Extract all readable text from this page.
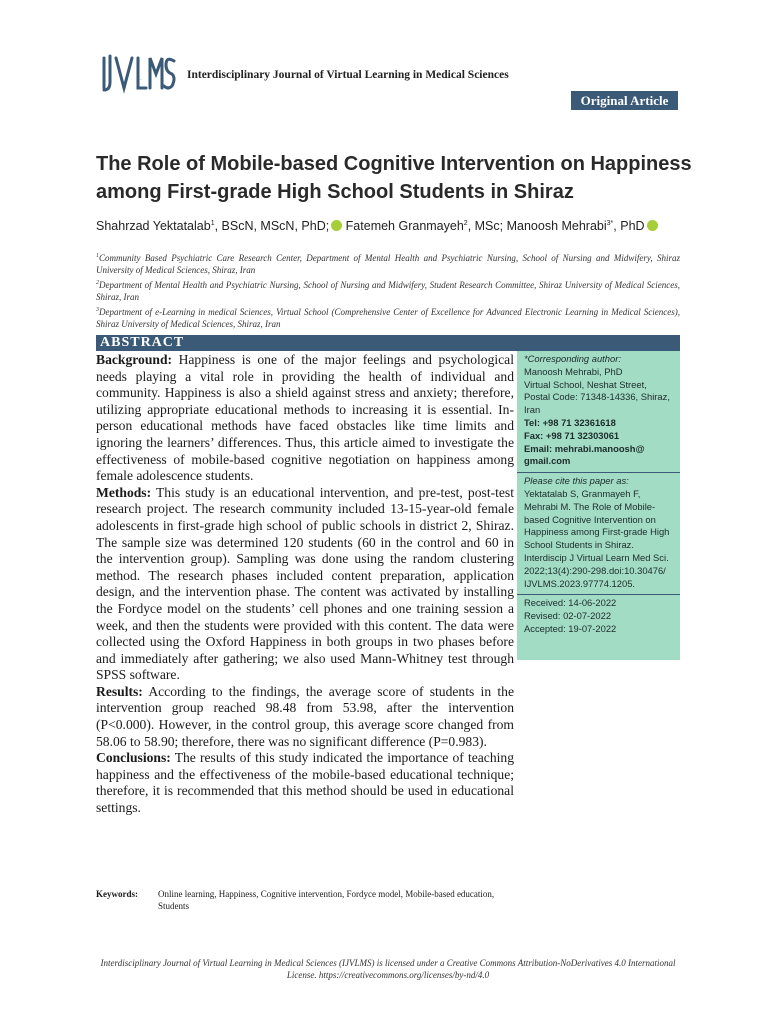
IJVLMS	Interdisciplinary Journal of Virtual Learning in Medical Sciences
Original Article
The Role of Mobile-based Cognitive Intervention on Happiness among First-grade High School Students in Shiraz
Shahrzad Yektatalab$^1$, BScN, MScN, PhD; Fatemeh Granmayeh$^2$, MSc; Manoosh Mehrabi$^{3*}$, PhD
$^1$Community Based Psychiatric Care Research Center, Department of Mental Health and Psychiatric Nursing, School of Nursing and Midwifery, Shiraz University of Medical Sciences, Shiraz, Iran
$^2$Department of Mental Health and Psychiatric Nursing, School of Nursing and Midwifery, Student Research Committee, Shiraz University of Medical Sciences, Shiraz, Iran
$^3$Department of e-Learning in medical Sciences, Virtual School (Comprehensive Center of Excellence for Advanced Electronic Learning in Medical Sciences), Shiraz University of Medical Sciences, Shiraz, Iran
ABSTRACT

Background: Happiness is one of the major feelings and psychological needs playing a vital role in providing the health of individual and community. Happiness is also a shield against stress and anxiety; therefore, utilizing appropriate educational methods to increasing it is essential. In-person educational methods have faced obstacles like time limits and ignoring the learners’ differences. Thus, this article aimed to investigate the effectiveness of mobile-based cognitive negotiation on happiness among female adolescence students.

Methods: This study is an educational intervention, and pre-test, post-test research project. The research community included 13-15-year-old female adolescents in first-grade high school of public schools in district 2, Shiraz. The sample size was determined 120 students (60 in the control and 60 in the intervention group). Sampling was done using the random clustering method. The research phases included content preparation, application design, and the intervention phase. The content was activated by installing the Fordyce model on the students’ cell phones and one training session a week, and then the students were provided with this content. The data were collected using the Oxford Happiness in both groups in two phases before and immediately after gathering; we also used Mann-Whitney test through SPSS software.

Results: According to the findings, the average score of students in the intervention group reached 98.48 from 53.98, after the intervention (P<0.000). However, in the control group, this average score changed from 58.06 to 58.90; therefore, there was no significant difference (P=0.983).

Conclusions: The results of this study indicated the importance of teaching happiness and the effectiveness of the mobile-based educational technique; therefore, it is recommended that this method should be used in educational settings.

Keywords: Online learning, Happiness, Cognitive intervention, Fordyce model, Mobile-based education, Students
*Corresponding author:
Manoosh Mehrabi, PhD
Virtual School, Neshat Street, Postal Code: 71348-14336, Shiraz, Iran
Tel: +98 71 32361618
Fax: +98 71 32303061
Email: mehrabi.manoosh@ gmail.com
Please cite this paper as:
Yektatalab S, Granmayeh F, Mehrabi M. The Role of Mobile-based Cognitive Intervention on Happiness among First-grade High School Students in Shiraz. Interdiscip J Virtual Learn Med Sci. 2022;13(4):290-298.doi:10.30476/ IJVLMS.2023.97774.1205.
Received: 14-06-2022
Revised: 02-07-2022
Accepted: 19-07-2022
Interdisciplinary Journal of Virtual Learning in Medical Sciences (IJVLMS) is licensed under a Creative Commons Attribution-NoDerivatives 4.0 International License. https://creativecommons.org/licenses/by-nd/4.0
